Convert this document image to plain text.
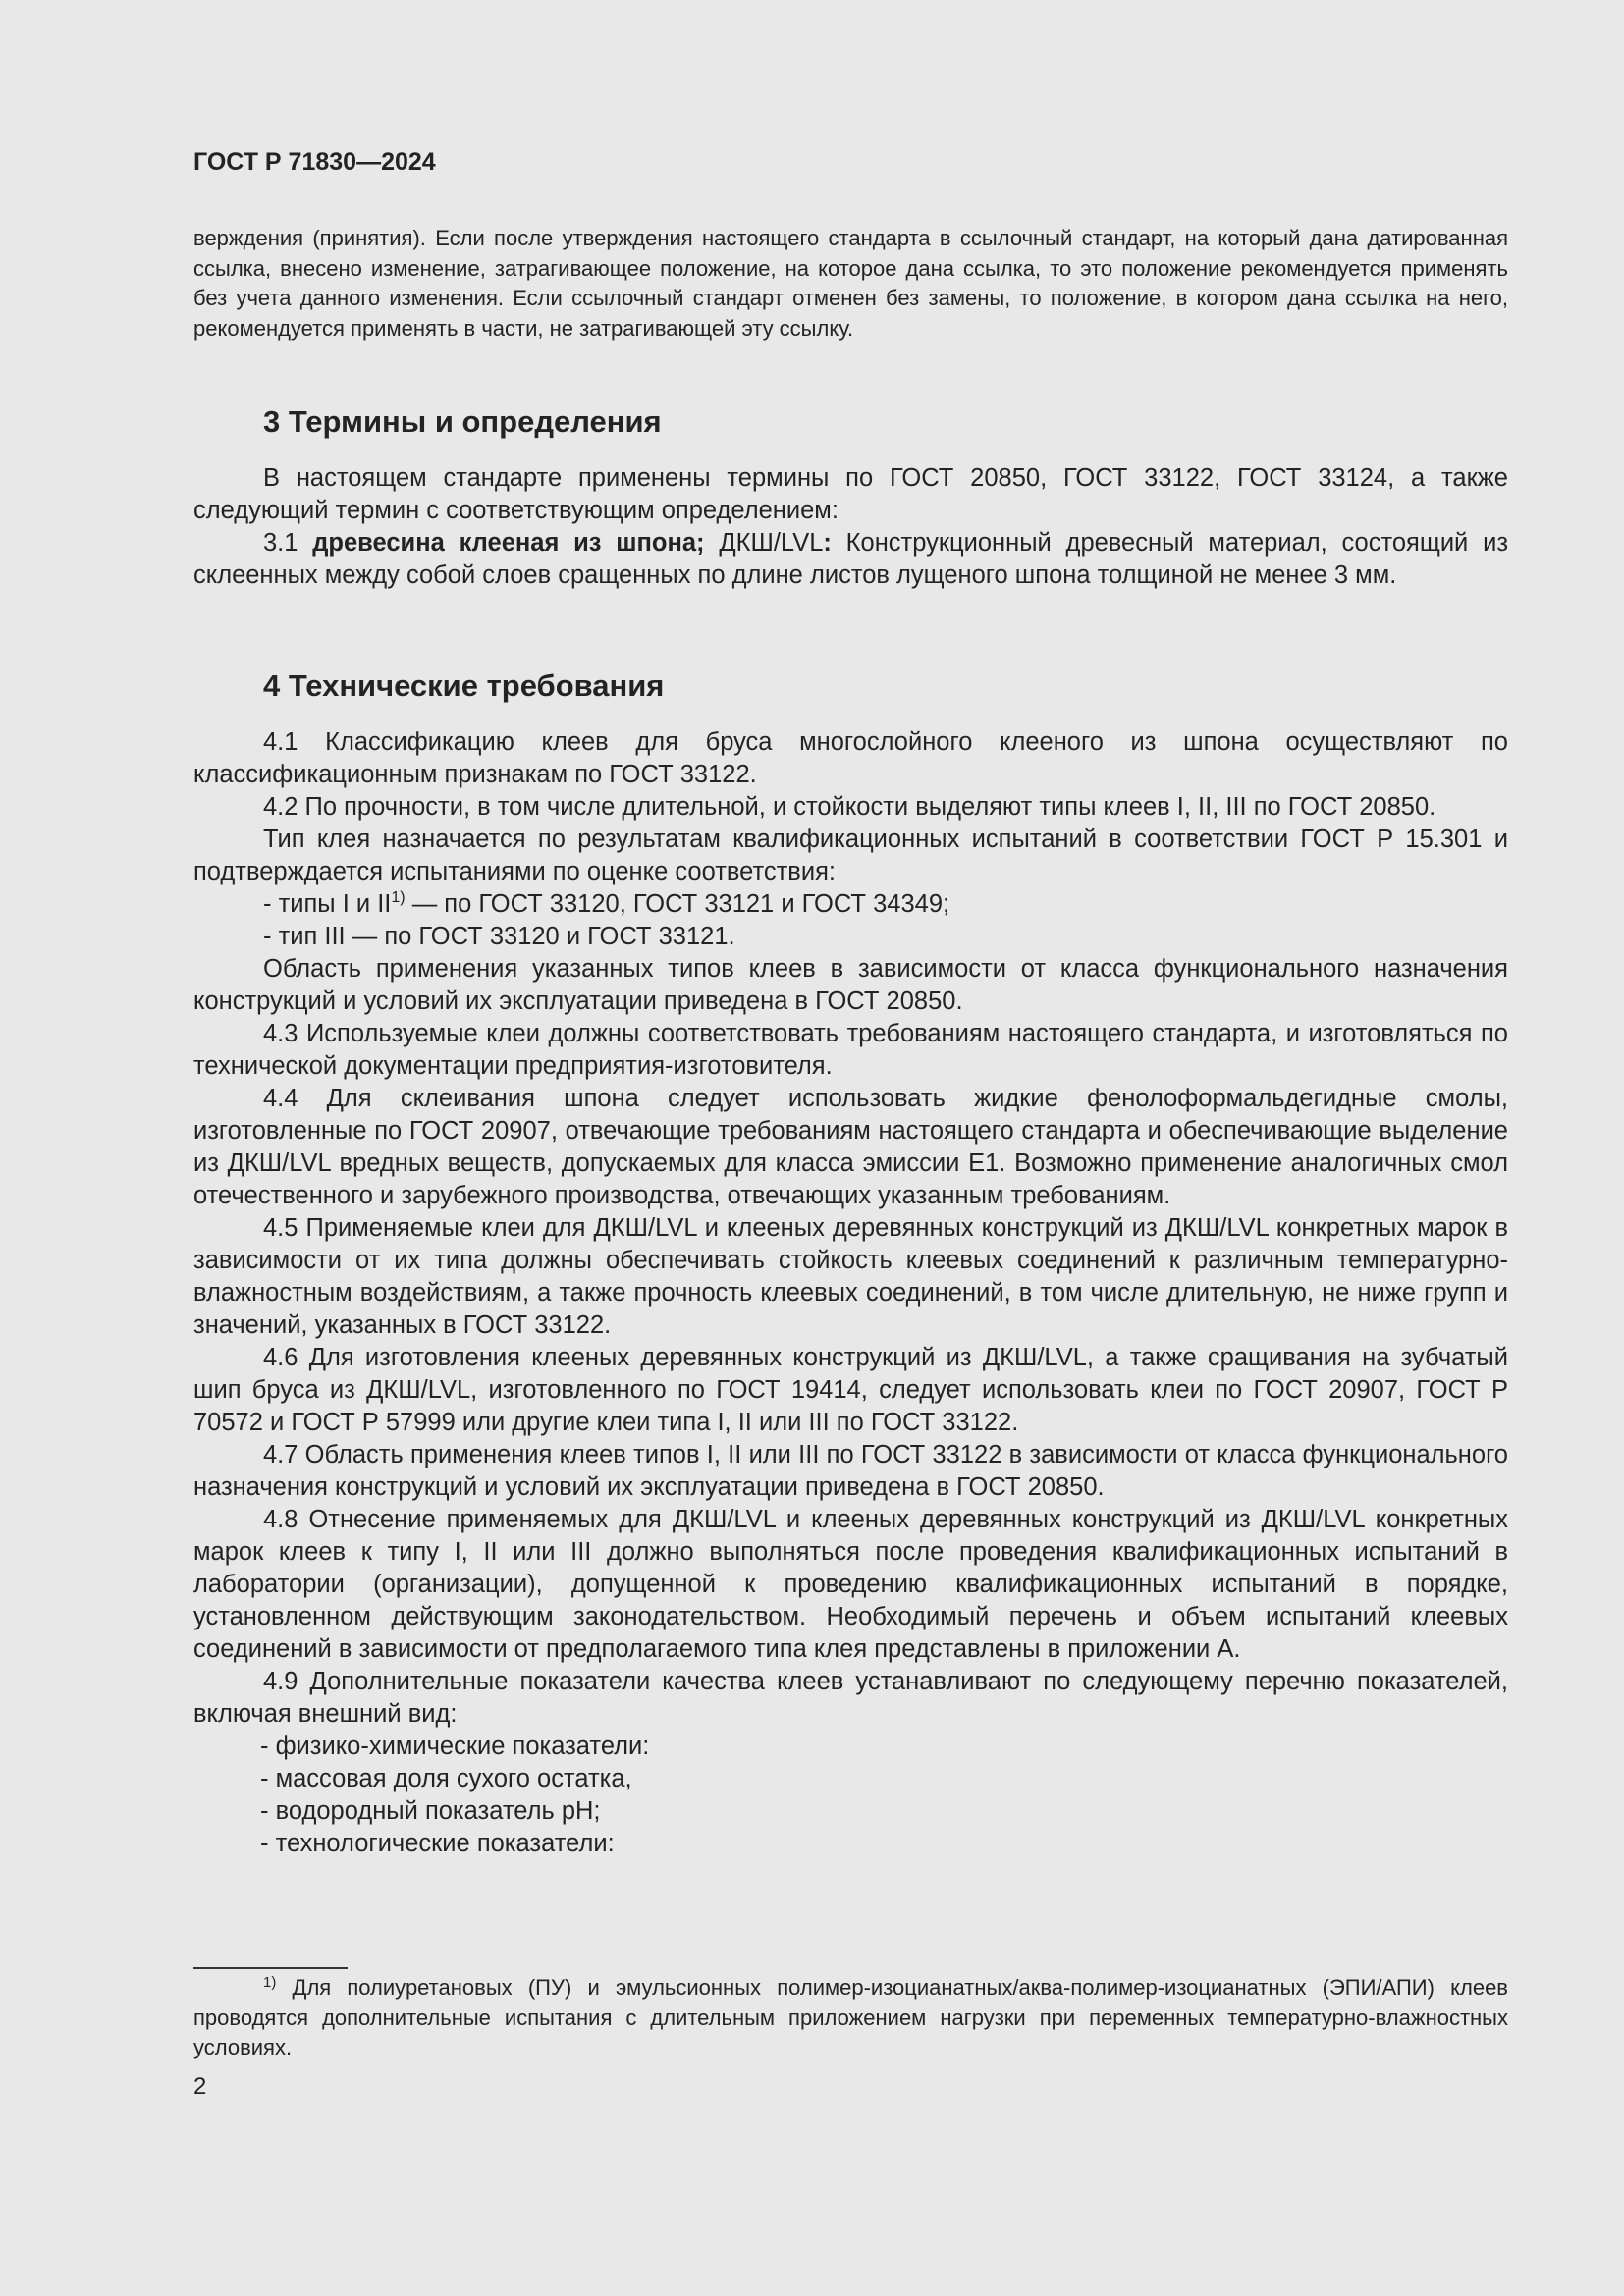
ГОСТ Р 71830—2024

верждения (принятия). Если после утверждения настоящего стандарта в ссылочный стандарт, на который дана датированная ссылка, внесено изменение, затрагивающее положение, на которое дана ссылка, то это положение рекомендуется применять без учета данного изменения. Если ссылочный стандарт отменен без замены, то положение, в котором дана ссылка на него, рекомендуется применять в части, не затрагивающей эту ссылку.

3 Термины и определения

В настоящем стандарте применены термины по ГОСТ 20850, ГОСТ 33122, ГОСТ 33124, а также следующий термин с соответствующим определением:

3.1 древесина клееная из шпона; ДКШ/LVL: Конструкционный древесный материал, состоящий из склеенных между собой слоев сращенных по длине листов лущеного шпона толщиной не менее 3 мм.

4 Технические требования

4.1 Классификацию клеев для бруса многослойного клееного из шпона осуществляют по классификационным признакам по ГОСТ 33122.

4.2 По прочности, в том числе длительной, и стойкости выделяют типы клеев I, II, III по ГОСТ 20850.

Тип клея назначается по результатам квалификационных испытаний в соответствии ГОСТ Р 15.301 и подтверждается испытаниями по оценке соответствия:

- типы I и II$^{1)}$ — по ГОСТ 33120, ГОСТ 33121 и ГОСТ 34349;

- тип III — по ГОСТ 33120 и ГОСТ 33121.

Область применения указанных типов клеев в зависимости от класса функционального назначения конструкций и условий их эксплуатации приведена в ГОСТ 20850.

4.3 Используемые клеи должны соответствовать требованиям настоящего стандарта, и изготовляться по технической документации предприятия-изготовителя.

4.4 Для склеивания шпона следует использовать жидкие фенолоформальдегидные смолы, изготовленные по ГОСТ 20907, отвечающие требованиям настоящего стандарта и обеспечивающие выделение из ДКШ/LVL вредных веществ, допускаемых для класса эмиссии Е1. Возможно применение аналогичных смол отечественного и зарубежного производства, отвечающих указанным требованиям.

4.5 Применяемые клеи для ДКШ/LVL и клееных деревянных конструкций из ДКШ/LVL конкретных марок в зависимости от их типа должны обеспечивать стойкость клеевых соединений к различным температурно-влажностным воздействиям, а также прочность клеевых соединений, в том числе длительную, не ниже групп и значений, указанных в ГОСТ 33122.

4.6 Для изготовления клееных деревянных конструкций из ДКШ/LVL, а также сращивания на зубчатый шип бруса из ДКШ/LVL, изготовленного по ГОСТ 19414, следует использовать клеи по ГОСТ 20907, ГОСТ Р 70572 и ГОСТ Р 57999 или другие клеи типа I, II или III по ГОСТ 33122.

4.7 Область применения клеев типов I, II или III по ГОСТ 33122 в зависимости от класса функционального назначения конструкций и условий их эксплуатации приведена в ГОСТ 20850.

4.8 Отнесение применяемых для ДКШ/LVL и клееных деревянных конструкций из ДКШ/LVL конкретных марок клеев к типу I, II или III должно выполняться после проведения квалификационных испытаний в лаборатории (организации), допущенной к проведению квалификационных испытаний в порядке, установленном действующим законодательством. Необходимый перечень и объем испытаний клеевых соединений в зависимости от предполагаемого типа клея представлены в приложении А.

4.9 Дополнительные показатели качества клеев устанавливают по следующему перечню показателей, включая внешний вид:

- физико-химические показатели:

- массовая доля сухого остатка,

- водородный показатель pH;

- технологические показатели:

$^{1)}$ Для полиуретановых (ПУ) и эмульсионных полимер-изоцианатных/аква-полимер-изоцианатных (ЭПИ/АПИ) клеев проводятся дополнительные испытания с длительным приложением нагрузки при переменных температурно-влажностных условиях.

2
